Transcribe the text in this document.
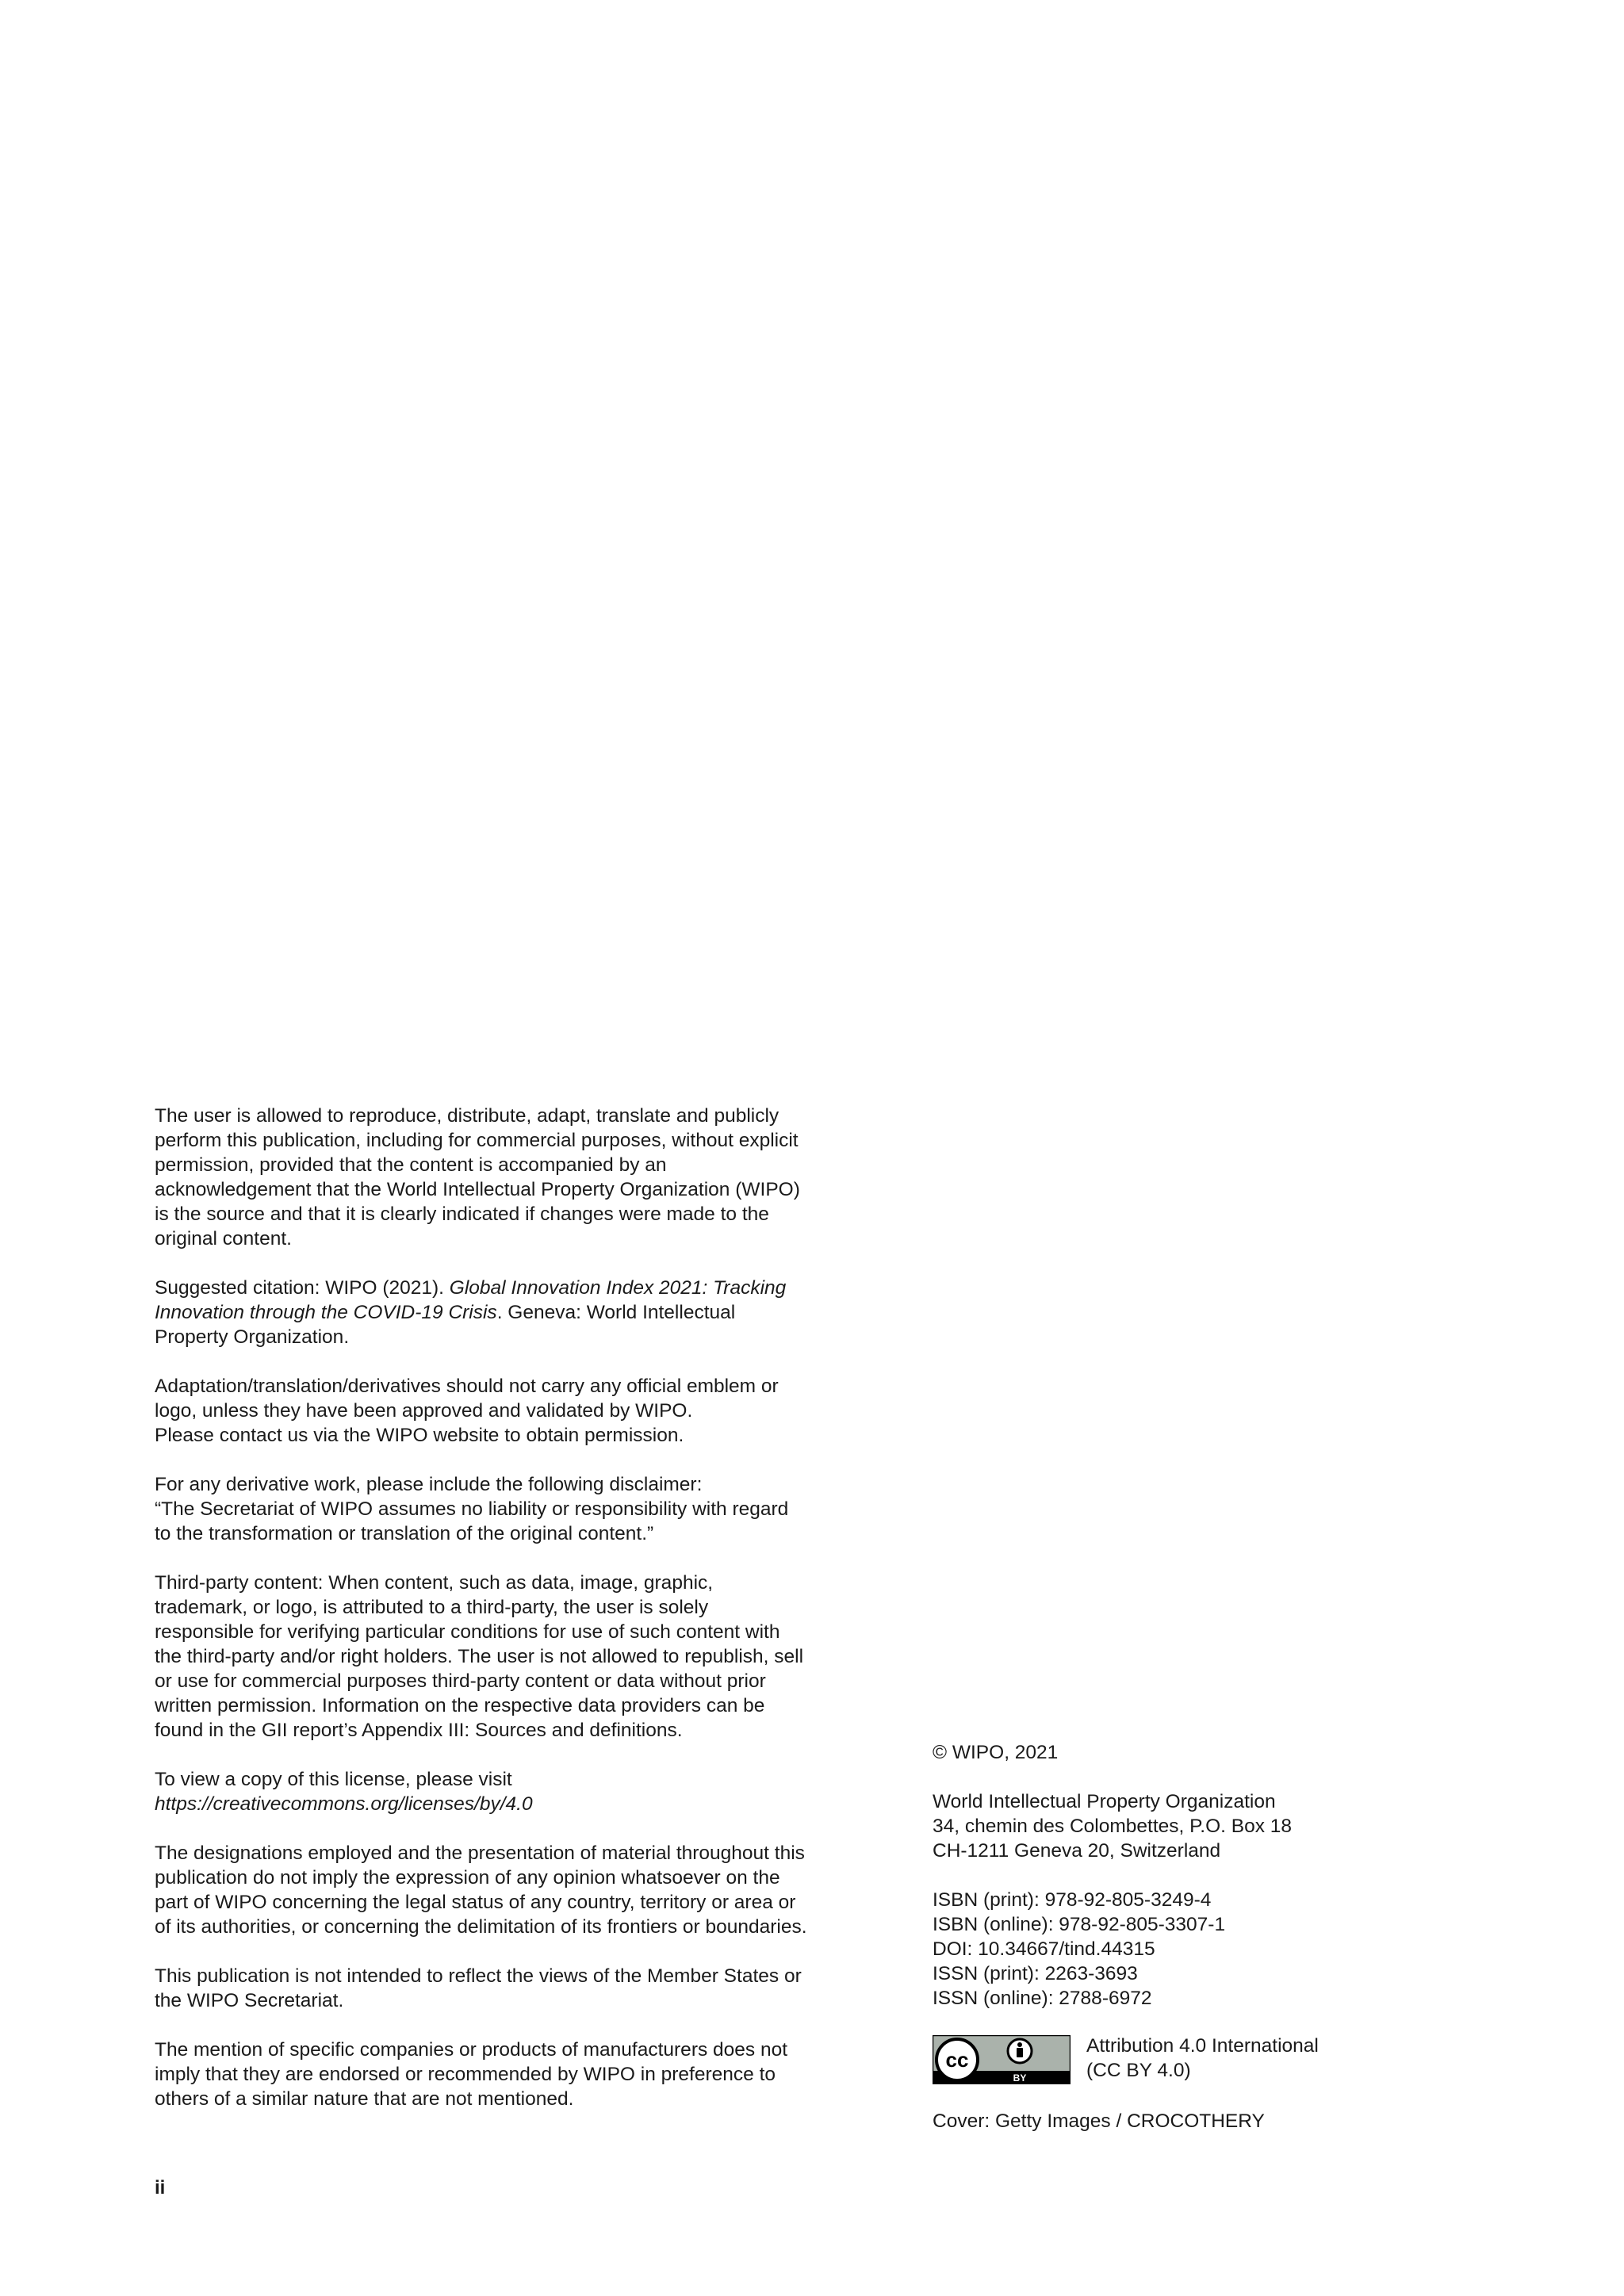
The user is allowed to reproduce, distribute, adapt, translate and publicly perform this publication, including for commercial purposes, without explicit permission, provided that the content is accompanied by an acknowledgement that the World Intellectual Property Organization (WIPO) is the source and that it is clearly indicated if changes were made to the original content.

Suggested citation: WIPO (2021). Global Innovation Index 2021: Tracking Innovation through the COVID-19 Crisis. Geneva: World Intellectual Property Organization.

Adaptation/translation/derivatives should not carry any official emblem or logo, unless they have been approved and validated by WIPO.
Please contact us via the WIPO website to obtain permission.

For any derivative work, please include the following disclaimer:
“The Secretariat of WIPO assumes no liability or responsibility with regard to the transformation or translation of the original content.”

Third-party content: When content, such as data, image, graphic, trademark, or logo, is attributed to a third-party, the user is solely responsible for verifying particular conditions for use of such content with the third-party and/or right holders. The user is not allowed to republish, sell or use for commercial purposes third-party content or data without prior written permission. Information on the respective data providers can be found in the GII report’s Appendix III: Sources and definitions.

To view a copy of this license, please visit
https://creativecommons.org/licenses/by/4.0

The designations employed and the presentation of material throughout this publication do not imply the expression of any opinion whatsoever on the part of WIPO concerning the legal status of any country, territory or area or of its authorities, or concerning the delimitation of its frontiers or boundaries.

This publication is not intended to reflect the views of the Member States or the WIPO Secretariat.

The mention of specific companies or products of manufacturers does not imply that they are endorsed or recommended by WIPO in preference to others of a similar nature that are not mentioned.

© WIPO, 2021

World Intellectual Property Organization
34, chemin des Colombettes, P.O. Box 18
CH-1211 Geneva 20, Switzerland

ISBN (print): 978-92-805-3249-4
ISBN (online): 978-92-805-3307-1
DOI: 10.34667/tind.44315
ISSN (print): 2263-3693
ISSN (online): 2788-6972

cc
BY
Attribution 4.0 International
(CC BY 4.0)

Cover: Getty Images / CROCOTHERY

ii
